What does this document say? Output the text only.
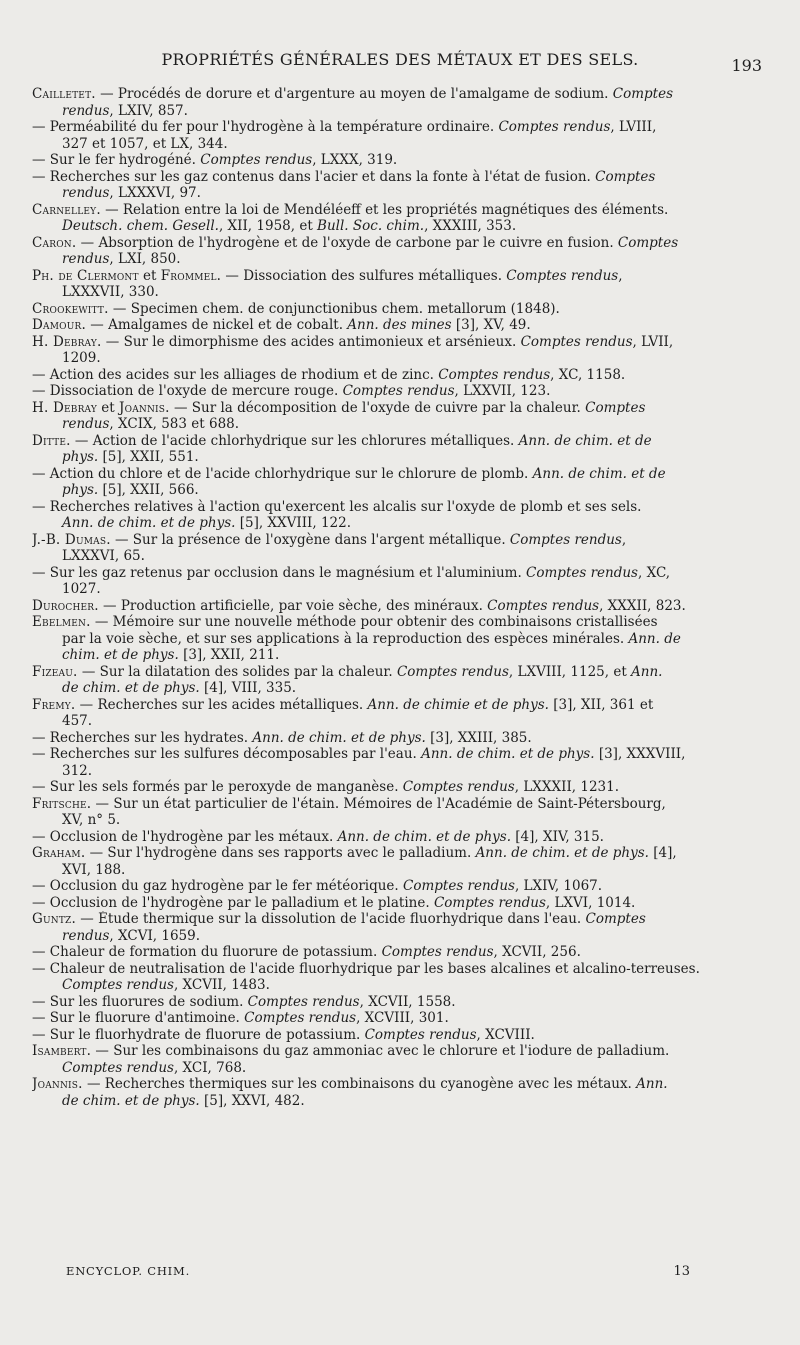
PROPRIÉTÉS GÉNÉRALES DES MÉTAUX ET DES SELS.	193
Cailletet. — Procédés de dorure et d'argenture au moyen de l'amalgame de sodium. Comptes
rendus, LXIV, 857.
— Perméabilité du fer pour l'hydrogène à la température ordinaire. Comptes rendus, LVIII,
327 et 1057, et LX, 344.
— Sur le fer hydrogéné. Comptes rendus, LXXX, 319.
— Recherches sur les gaz contenus dans l'acier et dans la fonte à l'état de fusion. Comptes
rendus, LXXXVI, 97.
Carnelley. — Relation entre la loi de Mendéléeff et les propriétés magnétiques des éléments.
Deutsch. chem. Gesell., XII, 1958, et Bull. Soc. chim., XXXIII, 353.
Caron. — Absorption de l'hydrogène et de l'oxyde de carbone par le cuivre en fusion. Comptes
rendus, LXI, 850.
Ph. de Clermont et Frommel. — Dissociation des sulfures métalliques. Comptes rendus,
LXXXVII, 330.
Crookewitt. — Specimen chem. de conjunctionibus chem. metallorum (1848).
Damour. — Amalgames de nickel et de cobalt. Ann. des mines [3], XV, 49.
H. Debray. — Sur le dimorphisme des acides antimonieux et arsénieux. Comptes rendus, LVII,
1209.
— Action des acides sur les alliages de rhodium et de zinc. Comptes rendus, XC, 1158.
— Dissociation de l'oxyde de mercure rouge. Comptes rendus, LXXVII, 123.
H. Debray et Joannis. — Sur la décomposition de l'oxyde de cuivre par la chaleur. Comptes
rendus, XCIX, 583 et 688.
Ditte. — Action de l'acide chlorhydrique sur les chlorures métalliques. Ann. de chim. et de
phys. [5], XXII, 551.
— Action du chlore et de l'acide chlorhydrique sur le chlorure de plomb. Ann. de chim. et de
phys. [5], XXII, 566.
— Recherches relatives à l'action qu'exercent les alcalis sur l'oxyde de plomb et ses sels.
Ann. de chim. et de phys. [5], XXVIII, 122.
J.-B. Dumas. — Sur la présence de l'oxygène dans l'argent métallique. Comptes rendus,
LXXXVI, 65.
— Sur les gaz retenus par occlusion dans le magnésium et l'aluminium. Comptes rendus, XC,
1027.
Durocher. — Production artificielle, par voie sèche, des minéraux. Comptes rendus, XXXII, 823.
Ebelmen. — Mémoire sur une nouvelle méthode pour obtenir des combinaisons cristallisées
par la voie sèche, et sur ses applications à la reproduction des espèces minérales. Ann. de
chim. et de phys. [3], XXII, 211.
Fizeau. — Sur la dilatation des solides par la chaleur. Comptes rendus, LXVIII, 1125, et Ann.
de chim. et de phys. [4], VIII, 335.
Fremy. — Recherches sur les acides métalliques. Ann. de chimie et de phys. [3], XII, 361 et
457.
— Recherches sur les hydrates. Ann. de chim. et de phys. [3], XXIII, 385.
— Recherches sur les sulfures décomposables par l'eau. Ann. de chim. et de phys. [3], XXXVIII,
312.
— Sur les sels formés par le peroxyde de manganèse. Comptes rendus, LXXXII, 1231.
Fritsche. — Sur un état particulier de l'étain. Mémoires de l'Académie de Saint-Pétersbourg,
XV, n° 5.
— Occlusion de l'hydrogène par les métaux. Ann. de chim. et de phys. [4], XIV, 315.
Graham. — Sur l'hydrogène dans ses rapports avec le palladium. Ann. de chim. et de phys. [4],
XVI, 188.
— Occlusion du gaz hydrogène par le fer météorique. Comptes rendus, LXIV, 1067.
— Occlusion de l'hydrogène par le palladium et le platine. Comptes rendus, LXVI, 1014.
Guntz. — Étude thermique sur la dissolution de l'acide fluorhydrique dans l'eau. Comptes
rendus, XCVI, 1659.
— Chaleur de formation du fluorure de potassium. Comptes rendus, XCVII, 256.
— Chaleur de neutralisation de l'acide fluorhydrique par les bases alcalines et alcalino-terreuses.
Comptes rendus, XCVII, 1483.
— Sur les fluorures de sodium. Comptes rendus, XCVII, 1558.
— Sur le fluorure d'antimoine. Comptes rendus, XCVIII, 301.
— Sur le fluorhydrate de fluorure de potassium. Comptes rendus, XCVIII.
Isambert. — Sur les combinaisons du gaz ammoniac avec le chlorure et l'iodure de palladium.
Comptes rendus, XCI, 768.
Joannis. — Recherches thermiques sur les combinaisons du cyanogène avec les métaux. Ann.
de chim. et de phys. [5], XXVI, 482.
ENCYCLOP. CHIM.	13
